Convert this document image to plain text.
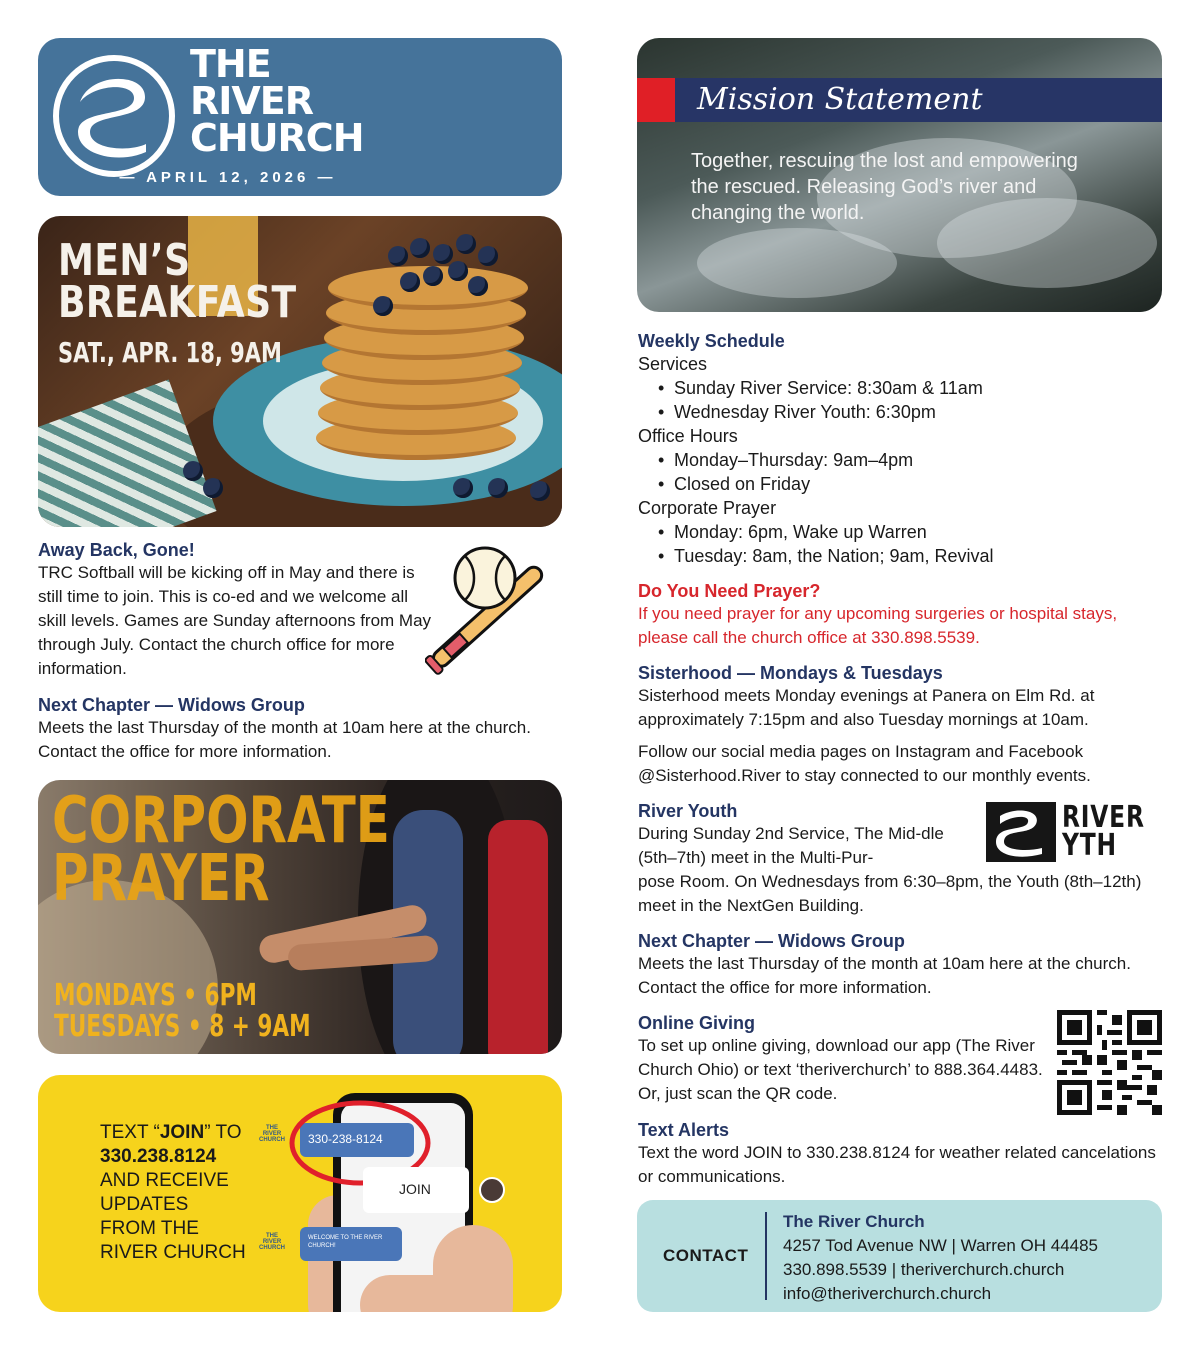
THE
RIVER
CHURCH
— APRIL 12, 2026 —
MEN’S
BREAKFAST
SAT., APR. 18, 9AM
Away Back, Gone!
TRC Softball will be kicking off in May and there is still time to join. This is co-ed and we welcome all skill levels. Games are Sunday afternoons from May through July. Contact the church office for more information.
Next Chapter — Widows Group
Meets the last Thursday of the month at 10am here at the church. Contact the office for more information.
CORPORATE
PRAYER
MONDAYS • 6PM
TUESDAYS • 8 + 9AM
TEXT “JOIN” TO
330.238.8124
AND RECEIVE
UPDATES
FROM THE
RIVER CHURCH
THE RIVER CHURCH	330-238-8124
JOIN
THE RIVER CHURCH
WELCOME TO THE RIVER CHURCH!
Mission Statement
Together, rescuing the lost and empowering the rescued. Releasing God’s river and changing the world.
Weekly Schedule
Services
• Sunday River Service: 8:30am & 11am
• Wednesday River Youth: 6:30pm
Office Hours
• Monday–Thursday: 9am–4pm
• Closed on Friday
Corporate Prayer
• Monday: 6pm, Wake up Warren
• Tuesday: 8am, the Nation; 9am, Revival
Do You Need Prayer?
If you need prayer for any upcoming surgeries or hospital stays, please call the church office at 330.898.5539.
Sisterhood — Mondays & Tuesdays
Sisterhood meets Monday evenings at Panera on Elm Rd. at approximately 7:15pm and also Tuesday mornings at 10am.
Follow our social media pages on Instagram and Facebook @Sisterhood.River to stay connected to our monthly events.
River Youth
During Sunday 2nd Service, The Mid-dle (5th–7th) meet in the Multi-Pur-
pose Room. On Wednesdays from 6:30–8pm, the Youth (8th–12th) meet in the NextGen Building.
RIVER
YTH
Next Chapter — Widows Group
Meets the last Thursday of the month at 10am here at the church. Contact the office for more information.
Online Giving
To set up online giving, download our app (The River Church Ohio) or text ‘theriverchurch’ to 888.364.4483. Or, just scan the QR code.
Text Alerts
Text the word JOIN to 330.238.8124 for weather related cancelations or communications.
CONTACT
The River Church
4257 Tod Avenue NW | Warren OH 44485
330.898.5539 | theriverchurch.church
info@theriverchurch.church
